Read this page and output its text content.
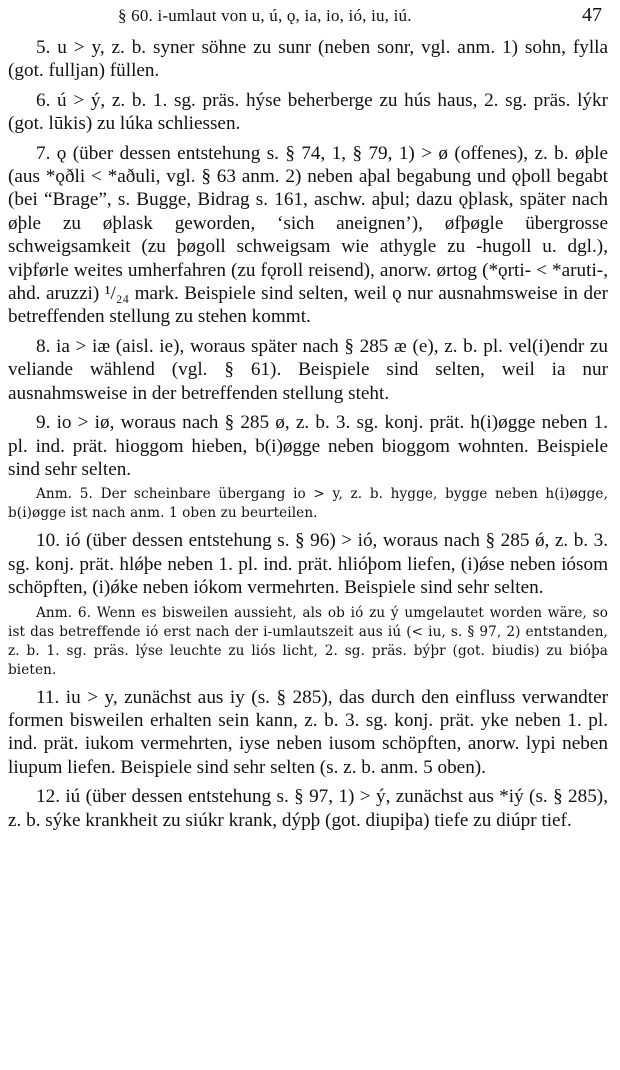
§ 60. i-umlaut von u, ú, ǫ, ia, io, ió, iu, iú.	47

5. u > y, z. b. syner söhne zu sunr (neben sonr, vgl. anm. 1) sohn, fylla (got. fulljan) füllen.

6. ú > ý, z. b. 1. sg. präs. hýse beherberge zu hús haus, 2. sg. präs. lýkr (got. lūkis) zu lúka schliessen.

7. ǫ (über dessen entstehung s. § 74, 1, § 79, 1) > ø (offenes), z. b. øþle (aus *ǫðli < *aðuli, vgl. § 63 anm. 2) neben aþal begabung und ǫþoll begabt (bei “Brage”, s. Bugge, Bidrag s. 161, aschw. aþul; dazu ǫþlask, später nach øþle zu øþlask geworden, ‘sich aneignen’), øfþøgle übergrosse schweigsamkeit (zu þøgoll schweigsam wie athygle zu -hugoll u. dgl.), viþførle weites umherfahren (zu fǫroll reisend), anorw. ørtog (*ǫrti- < *aruti-, ahd. aruzzi) ¹/₂₄ mark. Beispiele sind selten, weil ǫ nur ausnahmsweise in der betreffenden stellung zu stehen kommt.

8. ia > iæ (aisl. ie), woraus später nach § 285 æ (e), z. b. pl. vel(i)endr zu veliande wählend (vgl. § 61). Beispiele sind selten, weil ia nur ausnahmsweise in der betreffenden stellung steht.

9. io > iø, woraus nach § 285 ø, z. b. 3. sg. konj. prät. h(i)øgge neben 1. pl. ind. prät. hioggom hieben, b(i)øgge neben bioggom wohnten. Beispiele sind sehr selten.

Anm. 5. Der scheinbare übergang io > y, z. b. hygge, bygge neben h(i)øgge, b(i)øgge ist nach anm. 1 oben zu beurteilen.

10. ió (über dessen entstehung s. § 96) > ió, woraus nach § 285 ǿ, z. b. 3. sg. konj. prät. hlǿþe neben 1. pl. ind. prät. hlióþom liefen, (i)ǿse neben iósom schöpften, (i)ǿke neben iókom vermehrten. Beispiele sind sehr selten.

Anm. 6. Wenn es bisweilen aussieht, als ob ió zu ý umgelautet worden wäre, so ist das betreffende ió erst nach der i-umlautszeit aus iú (< iu, s. § 97, 2) entstanden, z. b. 1. sg. präs. lýse leuchte zu liós licht, 2. sg. präs. býþr (got. biudis) zu bióþa bieten.

11. iu > y, zunächst aus iy (s. § 285), das durch den einfluss verwandter formen bisweilen erhalten sein kann, z. b. 3. sg. konj. prät. yke neben 1. pl. ind. prät. iukom vermehrten, iyse neben iusom schöpften, anorw. lypi neben liupum liefen. Beispiele sind sehr selten (s. z. b. anm. 5 oben).

12. iú (über dessen entstehung s. § 97, 1) > ý, zunächst aus *iý (s. § 285), z. b. sýke krankheit zu siúkr krank, dýpþ (got. diupiþa) tiefe zu diúpr tief.
